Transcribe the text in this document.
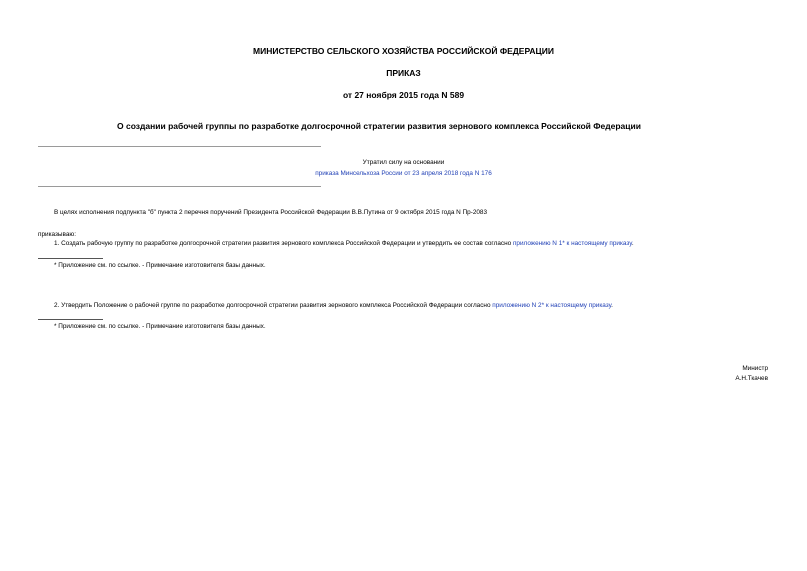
МИНИСТЕРСТВО СЕЛЬСКОГО ХОЗЯЙСТВА РОССИЙСКОЙ ФЕДЕРАЦИИ
ПРИКАЗ
от 27 ноября 2015 года N 589
О создании рабочей группы по разработке долгосрочной стратегии развития зернового комплекса Российской Федерации
Утратил силу на основании
приказа Минсельхоза России от 23 апреля 2018 года N 176
В целях исполнения подпункта "б" пункта 2 перечня поручений Президента Российской Федерации В.В.Путина от 9 октября 2015 года N Пр-2083
приказываю:
1. Создать рабочую группу по разработке долгосрочной стратегии развития зернового комплекса Российской Федерации и утвердить ее состав согласно приложению N 1* к настоящему приказу.
* Приложение см. по ссылке. - Примечание изготовителя базы данных.
2. Утвердить Положение о рабочей группе по разработке долгосрочной стратегии развития зернового комплекса Российской Федерации согласно приложению N 2* к настоящему приказу.
* Приложение см. по ссылке. - Примечание изготовителя базы данных.
Министр
А.Н.Ткачев
